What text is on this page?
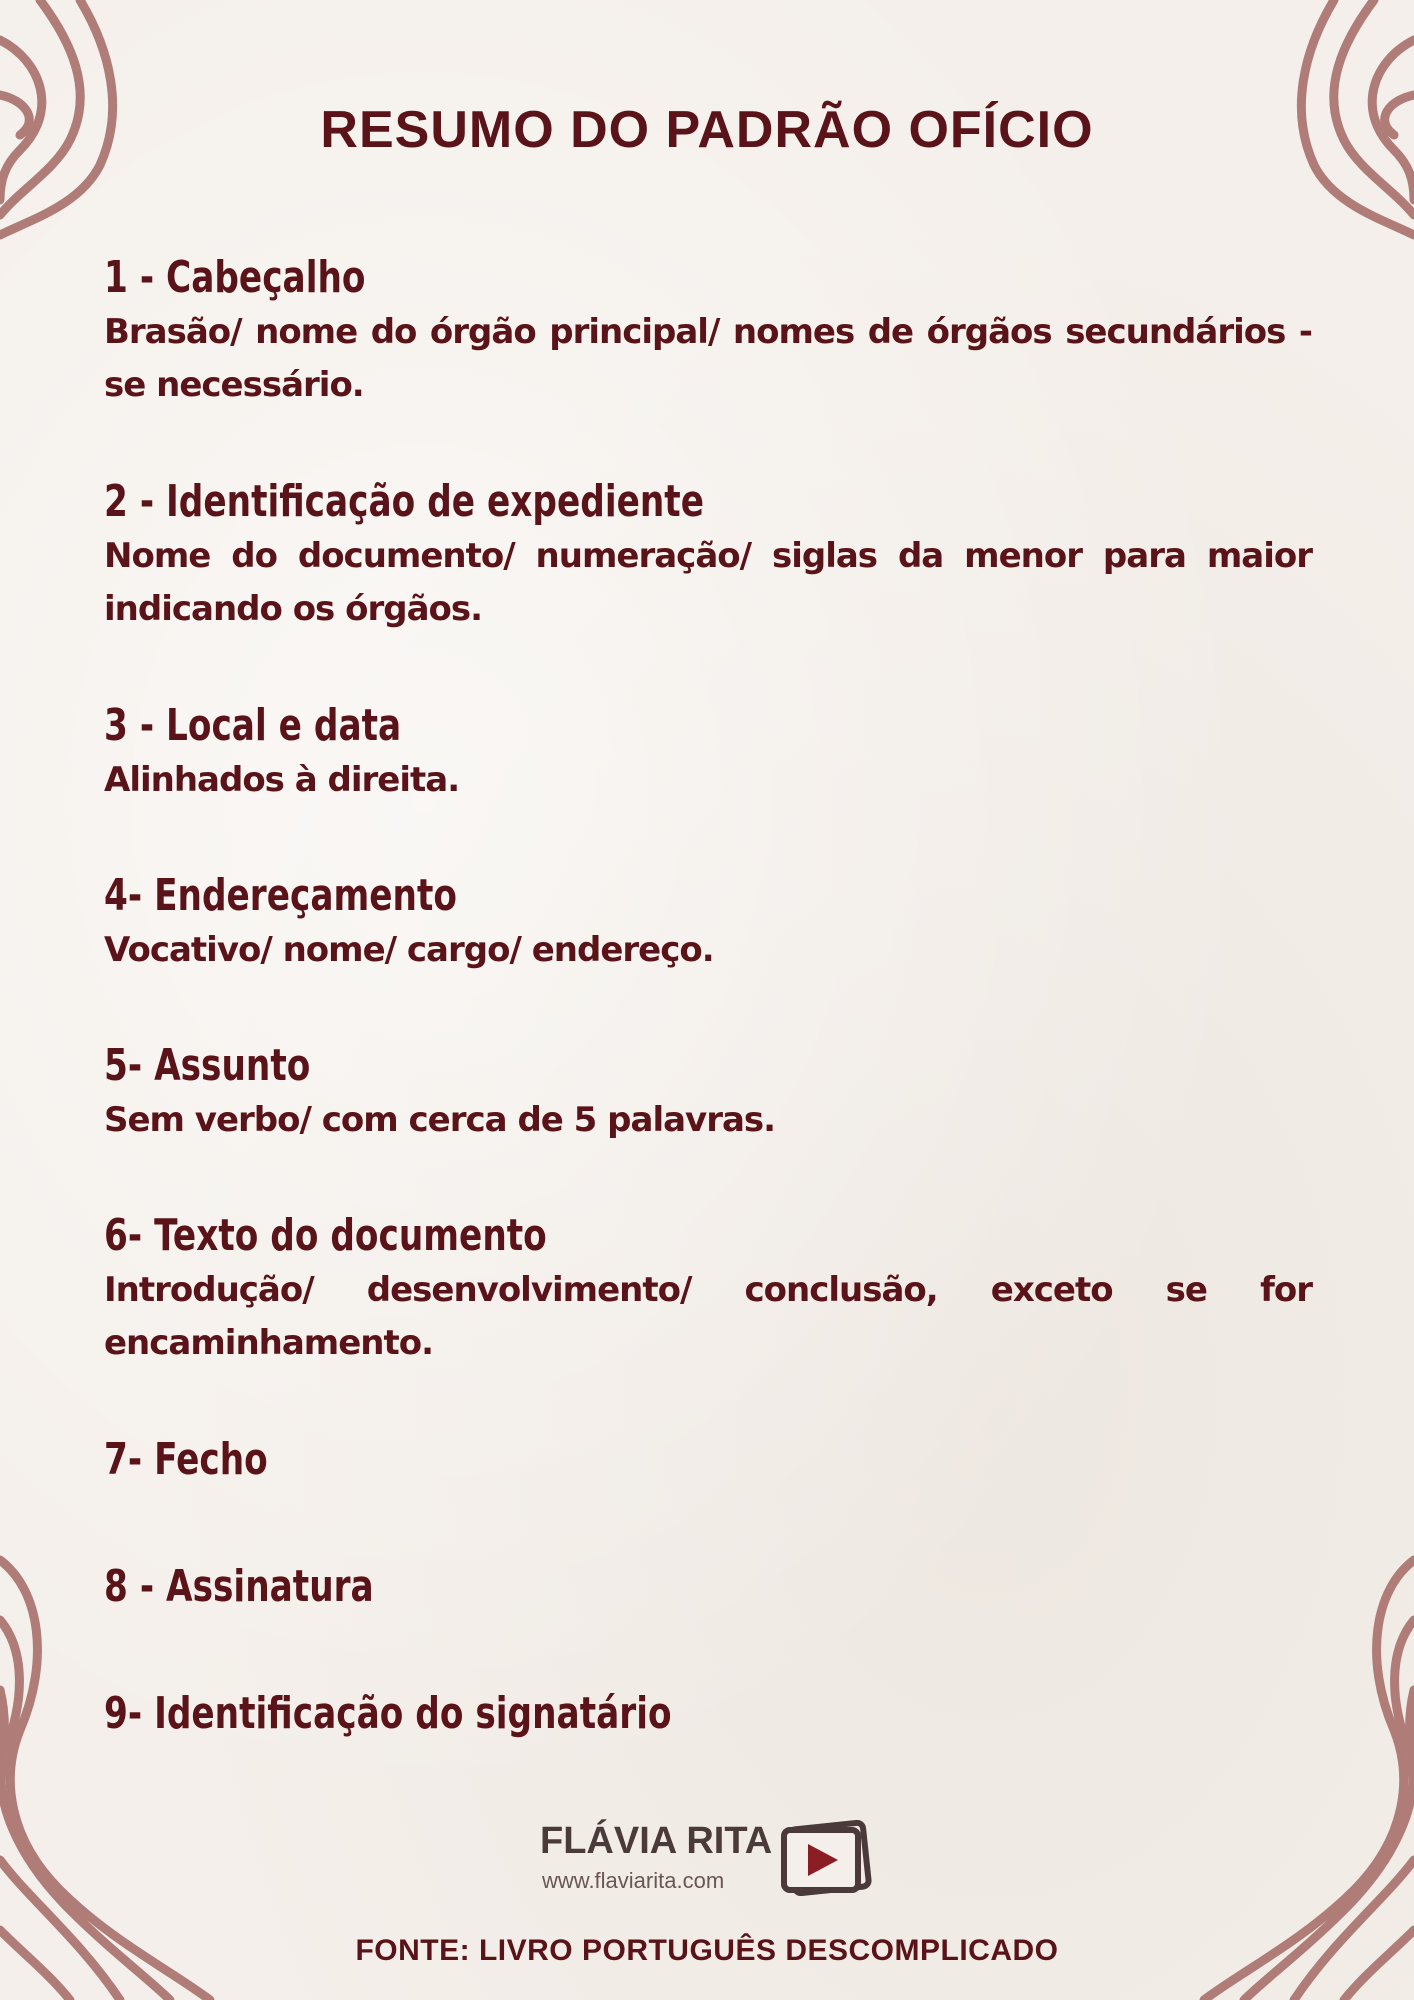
RESUMO DO PADRÃO OFÍCIO
1 - Cabeçalho
Brasão/ nome do órgão principal/ nomes de órgãos secundários - se necessário.
2 - Identificação de expediente
Nome do documento/ numeração/ siglas da menor para maior indicando os órgãos.
3 - Local e data
Alinhados à direita.
4- Endereçamento
Vocativo/ nome/ cargo/ endereço.
5- Assunto
Sem verbo/ com cerca de 5 palavras.
6- Texto do documento
Introdução/ desenvolvimento/ conclusão, exceto se for encaminhamento.
7- Fecho
8 - Assinatura
9- Identificação do signatário
FLÁVIA RITA
www.flaviarita.com
FONTE: LIVRO PORTUGUÊS DESCOMPLICADO
